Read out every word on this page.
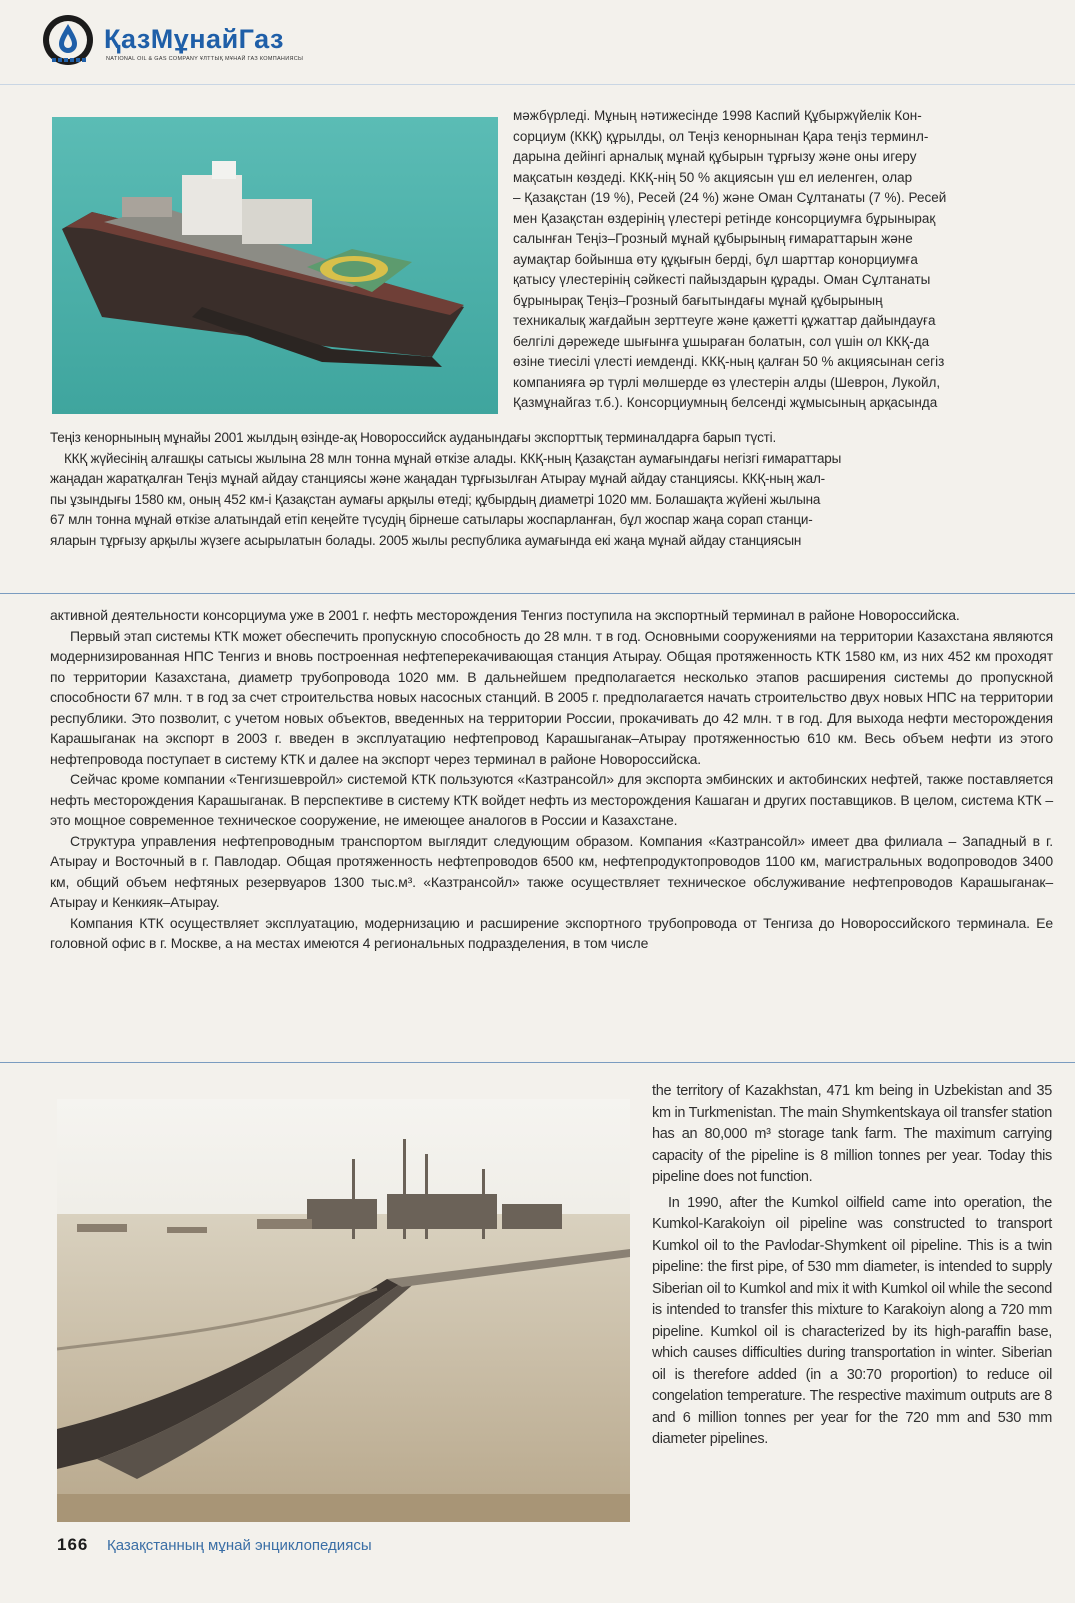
ҚазМұнайГаз
NATIONAL OIL & GAS COMPANY ҰЛТТЫҚ МҰНАЙ ГАЗ КОМПАНИЯСЫ
мәжбүрледі. Мұның нәтижесінде 1998 Каспий Құбыржүйелік Кон-
сорциум (ККҚ) құрылды, ол Теңіз кенорнынан Қара теңіз терминл-
дарына дейінгі арналық мұнай құбырын тұрғызу және оны игеру
мақсатын көздеді. ККҚ-нің 50 % акциясын үш ел иеленген, олар
– Қазақстан (19 %), Ресей (24 %) және Оман Сұлтанаты (7 %). Ресей
мен Қазақстан өздерінің үлестері ретінде консорциумға бұрынырақ
салынған Теңіз–Грозный мұнай құбырының ғимараттарын және
аумақтар бойынша өту құқығын берді, бұл шарттар конорциумға
қатысу үлестерінің сәйкесті пайыздарын құрады. Оман Сұлтанаты
бұрынырақ Теңіз–Грозный бағытындағы мұнай құбырының
техникалық жағдайын зерттеуге және қажетті құжаттар дайындауға
белгілі дәрежеде шығынға ұшыраған болатын, сол үшін ол ККҚ-да
өзіне тиесілі үлесті иемденді. ККҚ-ның қалған 50 % акциясынан сегіз
компанияға әр түрлі мөлшерде өз үлестерін алды (Шеврон, Лукойл,
Қазмұнайгаз т.б.). Консорциумның белсенді жұмысының арқасында
Теңіз кенорнының мұнайы 2001 жылдың өзінде-ақ Новороссийск ауданындағы экспорттық терминалдарға барып түсті.
ККҚ жүйесінің алғашқы сатысы жылына 28 млн тонна мұнай өткізе алады. ККҚ-ның Қазақстан аумағындағы негізгі ғимараттары
жаңадан жаратқалған Теңіз мұнай айдау станциясы және жаңадан тұрғызылған Атырау мұнай айдау станциясы. ККҚ-ның жал-
пы ұзындығы 1580 км, оның 452 км-і Қазақстан аумағы арқылы өтеді; құбырдың диаметрі 1020 мм. Болашақта жүйені жылына
67 млн тонна мұнай өткізе алатындай етіп кеңейте түсудің бірнеше сатылары жоспарланған, бұл жоспар жаңа сорап станци-
яларын тұрғызу арқылы жүзеге асырылатын болады. 2005 жылы республика аумағында екі жаңа мұнай айдау станциясын

активной деятельности консорциума уже в 2001 г. нефть месторождения Тенгиз поступила на экспортный терминал в районе Новороссийска.

Первый этап системы КТК может обеспечить пропускную способность до 28 млн. т в год. Основными сооружениями на территории Казахстана являются модернизированная НПС Тенгиз и вновь построенная нефтеперекачивающая станция Атырау. Общая протяженность КТК 1580 км, из них 452 км проходят по территории Казахстана, диаметр трубопровода 1020 мм. В дальнейшем предполагается несколько этапов расширения системы до пропускной способности 67 млн. т в год за счет строительства новых насосных станций. В 2005 г. предполагается начать строительство двух новых НПС на территории республики. Это позволит, с учетом новых объектов, введенных на территории России, прокачивать до 42 млн. т в год. Для выхода нефти месторождения Карашыганак на экспорт в 2003 г. введен в эксплуатацию нефтепровод Карашыганак–Атырау протяженностью 610 км. Весь объем нефти из этого нефтепровода поступает в систему КТК и далее на экспорт через терминал в районе Новороссийска.

Сейчас кроме компании «Тенгизшевройл» системой КТК пользуются «Казтрансойл» для экспорта эмбинских и актобинских нефтей, также поставляется нефть месторождения Карашыганак. В перспективе в систему КТК войдет нефть из месторождения Кашаган и других поставщиков. В целом, система КТК – это мощное современное техническое сооружение, не имеющее аналогов в России и Казахстане.

Структура управления нефтепроводным транспортом выглядит следующим образом. Компания «Казтрансойл» имеет два филиала – Западный в г. Атырау и Восточный в г. Павлодар. Общая протяженность нефтепроводов 6500 км, нефтепродуктопроводов 1100 км, магистральных водопроводов 3400 км, общий объем нефтяных резервуаров 1300 тыс.м³. «Казтрансойл» также осуществляет техническое обслуживание нефтепроводов Карашыганак–Атырау и Кенкияк–Атырау.

Компания КТК осуществляет эксплуатацию, модернизацию и расширение экспортного трубопровода от Тенгиза до Новороссийского терминала. Ее головной офис в г. Москве, а на местах имеются 4 региональных подразделения, в том числе

the territory of Kazakhstan, 471 km being in Uzbekistan and 35 km in Turkmenistan. The main Shymkentskaya oil transfer station has an 80,000 m³ storage tank farm. The maximum carrying capacity of the pipeline is 8 million tonnes per year. Today this pipeline does not function.

In 1990, after the Kumkol oilfield came into operation, the Kumkol-Karakoiyn oil pipeline was constructed to transport Kumkol oil to the Pavlodar-Shymkent oil pipeline. This is a twin pipeline: the first pipe, of 530 mm diameter, is intended to supply Siberian oil to Kumkol and mix it with Kumkol oil while the second is intended to transfer this mixture to Karakoiyn along a 720 mm pipeline. Kumkol oil is characterized by its high-paraffin base, which causes difficulties during transportation in winter. Siberian oil is therefore added (in a 30:70 proportion) to reduce oil congelation temperature. The respective maximum outputs are 8 and 6 million tonnes per year for the 720 mm and 530 mm diameter pipelines.

166 Қазақстанның мұнай энциклопедиясы
